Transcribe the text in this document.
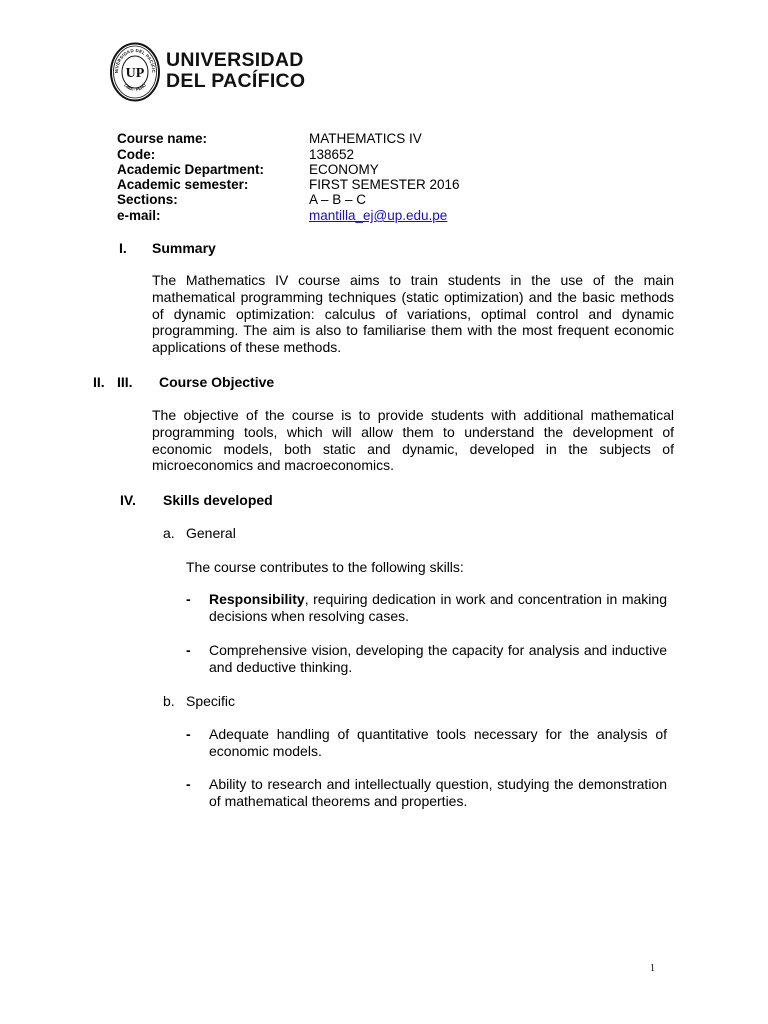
NIVERSIDAD DEL PACÍFIC
LIMA - PERÚ
UP
UNIVERSIDAD
DEL PACÍFICO
Course name:	MATHEMATICS IV
Code:	138652
Academic Department:	ECONOMY
Academic semester:	FIRST SEMESTER 2016
Sections:	A – B – C
e-mail:	mantilla_ej@up.edu.pe
I. Summary
The Mathematics IV course aims to train students in the use of the main mathematical programming techniques (static optimization) and the basic methods of dynamic optimization: calculus of variations, optimal control and dynamic programming. The aim is also to familiarise them with the most frequent economic applications of these methods.
II. III. Course Objective
The objective of the course is to provide students with additional mathematical programming tools, which will allow them to understand the development of economic models, both static and dynamic, developed in the subjects of microeconomics and macroeconomics.
IV. Skills developed
a. General
The course contributes to the following skills:
- Responsibility, requiring dedication in work and concentration in making decisions when resolving cases.
- Comprehensive vision, developing the capacity for analysis and inductive and deductive thinking.
b. Specific
- Adequate handling of quantitative tools necessary for the analysis of economic models.
- Ability to research and intellectually question, studying the demonstration of mathematical theorems and properties.
1
